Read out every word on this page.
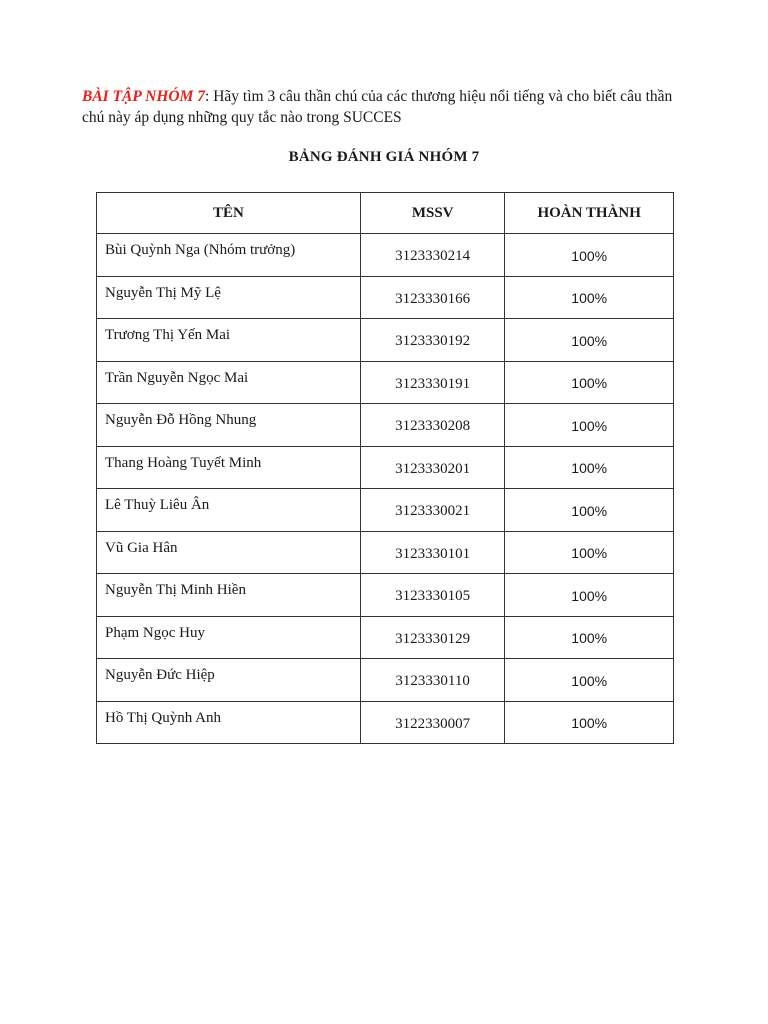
BÀI TẬP NHÓM 7: Hãy tìm 3 câu thần chú của các thương hiệu nổi tiếng và cho biết câu thần chú này áp dụng những quy tắc nào trong SUCCES

BẢNG ĐÁNH GIÁ NHÓM 7
TÊN	MSSV	HOÀN THÀNH
Bùi Quỳnh Nga (Nhóm trưởng)	3123330214	100%
Nguyễn Thị Mỹ Lệ	3123330166	100%
Trương Thị Yến Mai	3123330192	100%
Trần Nguyễn Ngọc Mai	3123330191	100%
Nguyễn Đỗ Hồng Nhung	3123330208	100%
Thang Hoàng Tuyết Minh	3123330201	100%
Lê Thuỳ Liêu Ân	3123330021	100%
Vũ Gia Hân	3123330101	100%
Nguyễn Thị Minh Hiền	3123330105	100%
Phạm Ngọc Huy	3123330129	100%
Nguyễn Đức Hiệp	3123330110	100%
Hồ Thị Quỳnh Anh	3122330007	100%
